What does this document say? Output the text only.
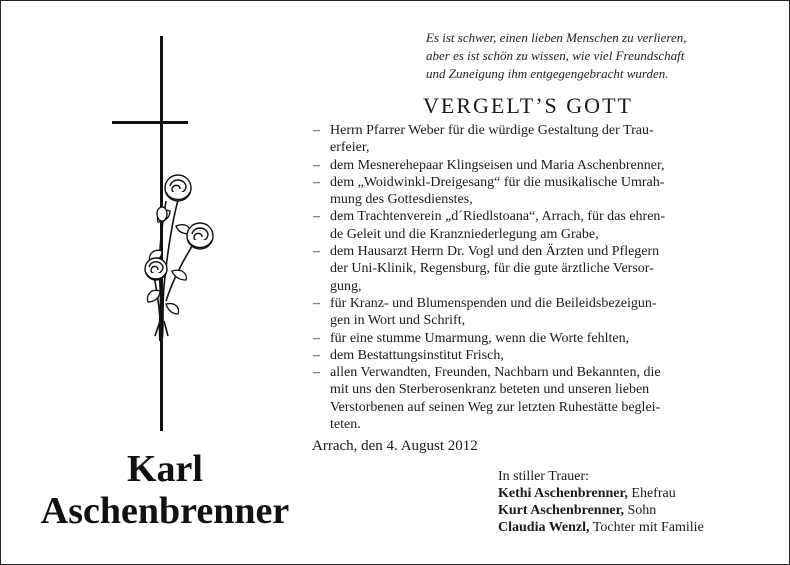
Es ist schwer, einen lieben Menschen zu verlieren,
aber es ist schön zu wissen, wie viel Freundschaft
und Zuneigung ihm entgegengebracht wurden.
VERGELT’S GOTT
– Herrn Pfarrer Weber für die würdige Gestaltung der Trau-
erfeier,
– dem Mesnerehepaar Klingseisen und Maria Aschenbrenner,
– dem „Woidwinkl-Dreigesang“ für die musikalische Umrah-
mung des Gottesdienstes,
– dem Trachtenverein „d´Riedlstoana“, Arrach, für das ehren-
de Geleit und die Kranzniederlegung am Grabe,
– dem Hausarzt Herrn Dr. Vogl und den Ärzten und Pflegern
der Uni-Klinik, Regensburg, für die gute ärztliche Versor-
gung,
– für Kranz- und Blumenspenden und die Beileidsbezeigun-
gen in Wort und Schrift,
– für eine stumme Umarmung, wenn die Worte fehlten,
– dem Bestattungsinstitut Frisch,
– allen Verwandten, Freunden, Nachbarn und Bekannten, die
mit uns den Sterberosenkranz beteten und unseren lieben
Verstorbenen auf seinen Weg zur letzten Ruhestätte beglei-
teten.
Arrach, den 4. August 2012
In stiller Trauer:
Kethi Aschenbrenner, Ehefrau
Kurt Aschenbrenner, Sohn
Claudia Wenzl, Tochter mit Familie
Karl
Aschenbrenner
